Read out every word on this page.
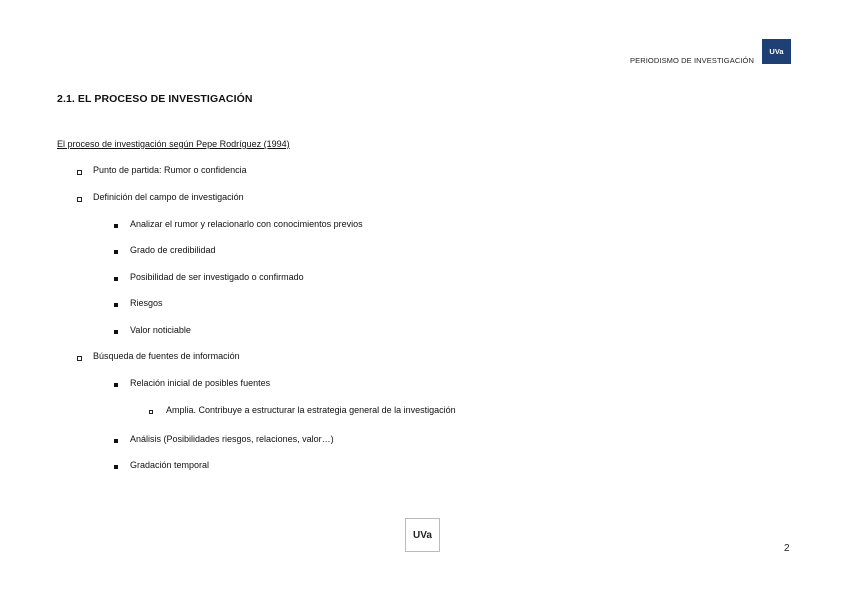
PERIODISMO DE INVESTIGACIÓN
UVa
2.1. EL PROCESO DE INVESTIGACIÓN
El proceso de investigación según Pepe Rodríguez (1994)
Punto de partida: Rumor o confidencia
Definición del campo de investigación
Analizar el rumor y relacionarlo con conocimientos previos
Grado de credibilidad
Posibilidad de ser investigado o confirmado
Riesgos
Valor noticiable
Búsqueda de fuentes de información
Relación inicial de posibles fuentes
Amplia. Contribuye a estructurar la estrategia general de la investigación
Análisis (Posibilidades riesgos, relaciones, valor…)
Gradación temporal
UVa
2
